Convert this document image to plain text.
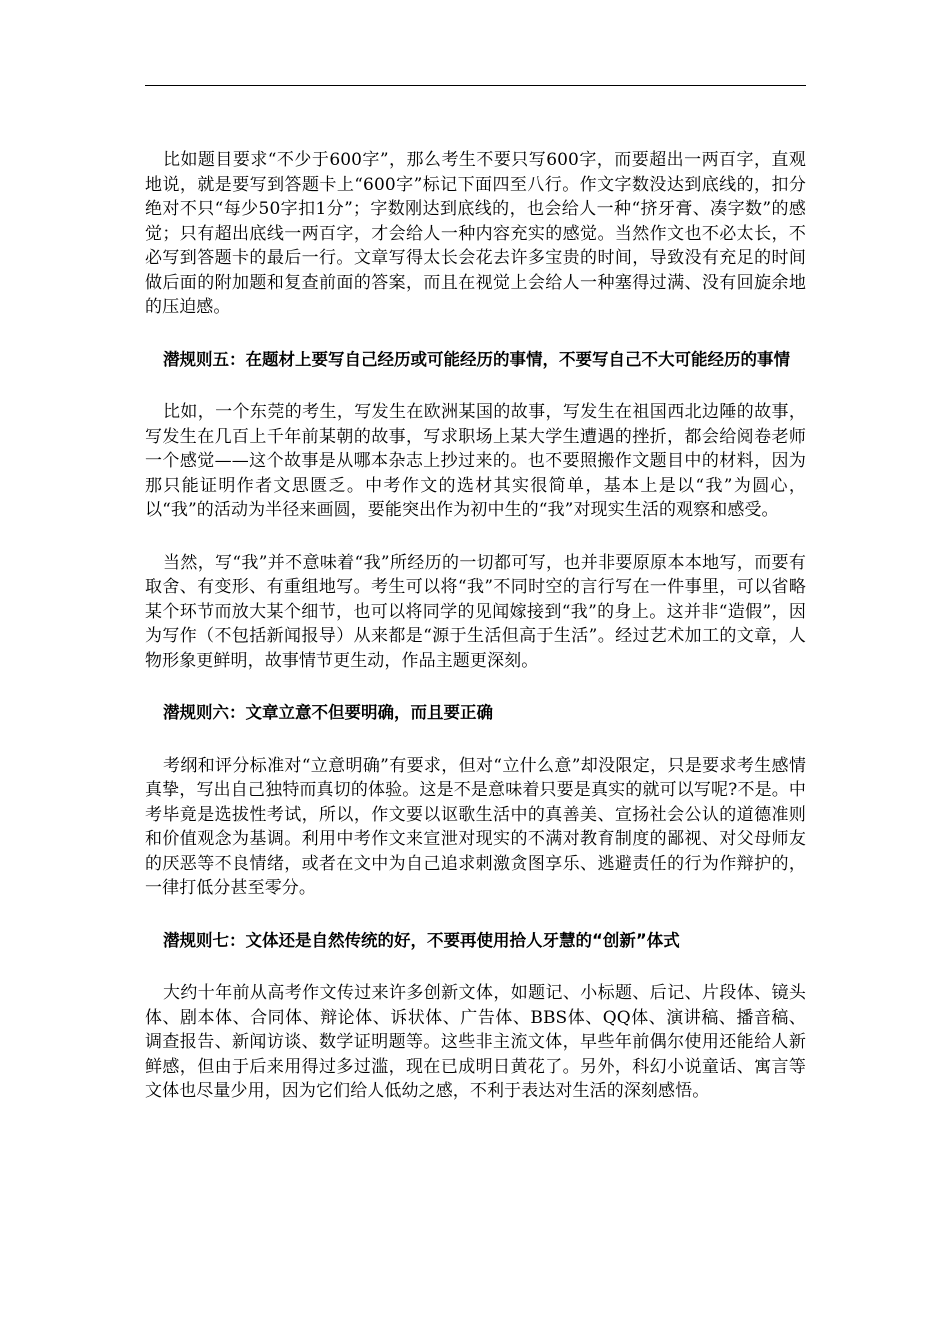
比如题目要求“不少于600字”，那么考生不要只写600字，而要超出一两百字，直观地说，就是要写到答题卡上“600字”标记下面四至八行。作文字数没达到底线的，扣分绝对不只“每少50字扣1分”；字数刚达到底线的，也会给人一种“挤牙膏、凑字数”的感觉；只有超出底线一两百字，才会给人一种内容充实的感觉。当然作文也不必太长，不必写到答题卡的最后一行。文章写得太长会花去许多宝贵的时间，导致没有充足的时间做后面的附加题和复查前面的答案，而且在视觉上会给人一种塞得过满、没有回旋余地的压迫感。

潜规则五：在题材上要写自己经历或可能经历的事情，不要写自己不大可能经历的事情

比如，一个东莞的考生，写发生在欧洲某国的故事，写发生在祖国西北边陲的故事，写发生在几百上千年前某朝的故事，写求职场上某大学生遭遇的挫折，都会给阅卷老师一个感觉——这个故事是从哪本杂志上抄过来的。也不要照搬作文题目中的材料，因为那只能证明作者文思匮乏。中考作文的选材其实很简单，基本上是以“我”为圆心，以“我”的活动为半径来画圆，要能突出作为初中生的“我”对现实生活的观察和感受。

当然，写“我”并不意味着“我”所经历的一切都可写，也并非要原原本本地写，而要有取舍、有变形、有重组地写。考生可以将“我”不同时空的言行写在一件事里，可以省略某个环节而放大某个细节，也可以将同学的见闻嫁接到“我”的身上。这并非“造假”，因为写作（不包括新闻报导）从来都是“源于生活但高于生活”。经过艺术加工的文章，人物形象更鲜明，故事情节更生动，作品主题更深刻。

潜规则六：文章立意不但要明确，而且要正确

考纲和评分标准对“立意明确”有要求，但对“立什么意”却没限定，只是要求考生感情真挚，写出自己独特而真切的体验。这是不是意味着只要是真实的就可以写呢?不是。中考毕竟是选拔性考试，所以，作文要以讴歌生活中的真善美、宣扬社会公认的道德准则和价值观念为基调。利用中考作文来宣泄对现实的不满对教育制度的鄙视、对父母师友的厌恶等不良情绪，或者在文中为自己追求刺激贪图享乐、逃避责任的行为作辩护的，一律打低分甚至零分。

潜规则七：文体还是自然传统的好，不要再使用拾人牙慧的“创新”体式

大约十年前从高考作文传过来许多创新文体，如题记、小标题、后记、片段体、镜头体、剧本体、合同体、辩论体、诉状体、广告体、BBS体、QQ体、演讲稿、播音稿、调查报告、新闻访谈、数学证明题等。这些非主流文体，早些年前偶尔使用还能给人新鲜感，但由于后来用得过多过滥，现在已成明日黄花了。另外，科幻小说童话、寓言等文体也尽量少用，因为它们给人低幼之感，不利于表达对生活的深刻感悟。
